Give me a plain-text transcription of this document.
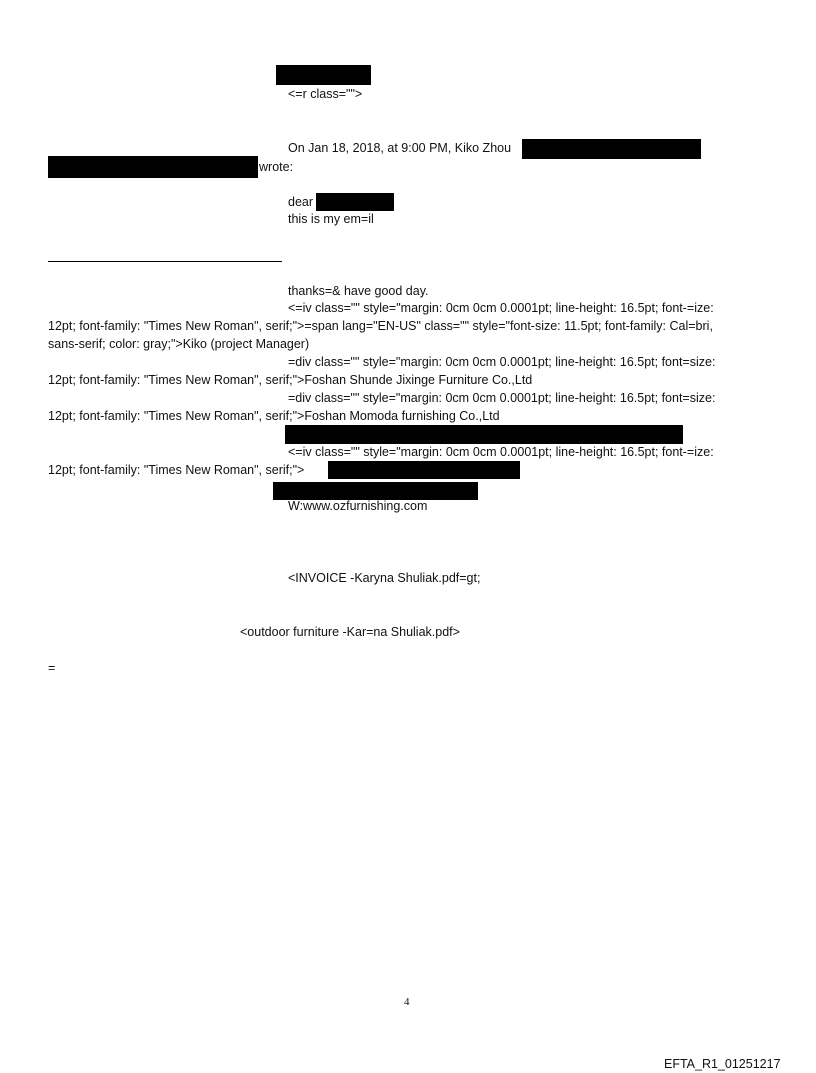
<=r class="">
On Jan 18, 2018, at 9:00 PM, Kiko Zhou
wrote:
dear
this is my em=il
thanks=& have good day.
<=iv class="" style="margin: 0cm 0cm 0.0001pt; line-height: 16.5pt; font-=ize:
12pt; font-family: "Times New Roman", serif;">=span lang="EN-US" class="" style="font-size: 11.5pt; font-family: Cal=bri,
sans-serif; color: gray;">Kiko (project Manager)
=div class="" style="margin: 0cm 0cm 0.0001pt; line-height: 16.5pt; font=size:
12pt; font-family: "Times New Roman", serif;">Foshan Shunde Jixinge Furniture Co.,Ltd
=div class="" style="margin: 0cm 0cm 0.0001pt; line-height: 16.5pt; font=size:
12pt; font-family: "Times New Roman", serif;">Foshan Momoda furnishing Co.,Ltd
<=iv class="" style="margin: 0cm 0cm 0.0001pt; line-height: 16.5pt; font-=ize:
12pt; font-family: "Times New Roman", serif;">
W:www.ozfurnishing.com
<INVOICE -Karyna Shuliak.pdf=gt;
<outdoor furniture -Kar=na Shuliak.pdf>
=
4
EFTA_R1_01251217
